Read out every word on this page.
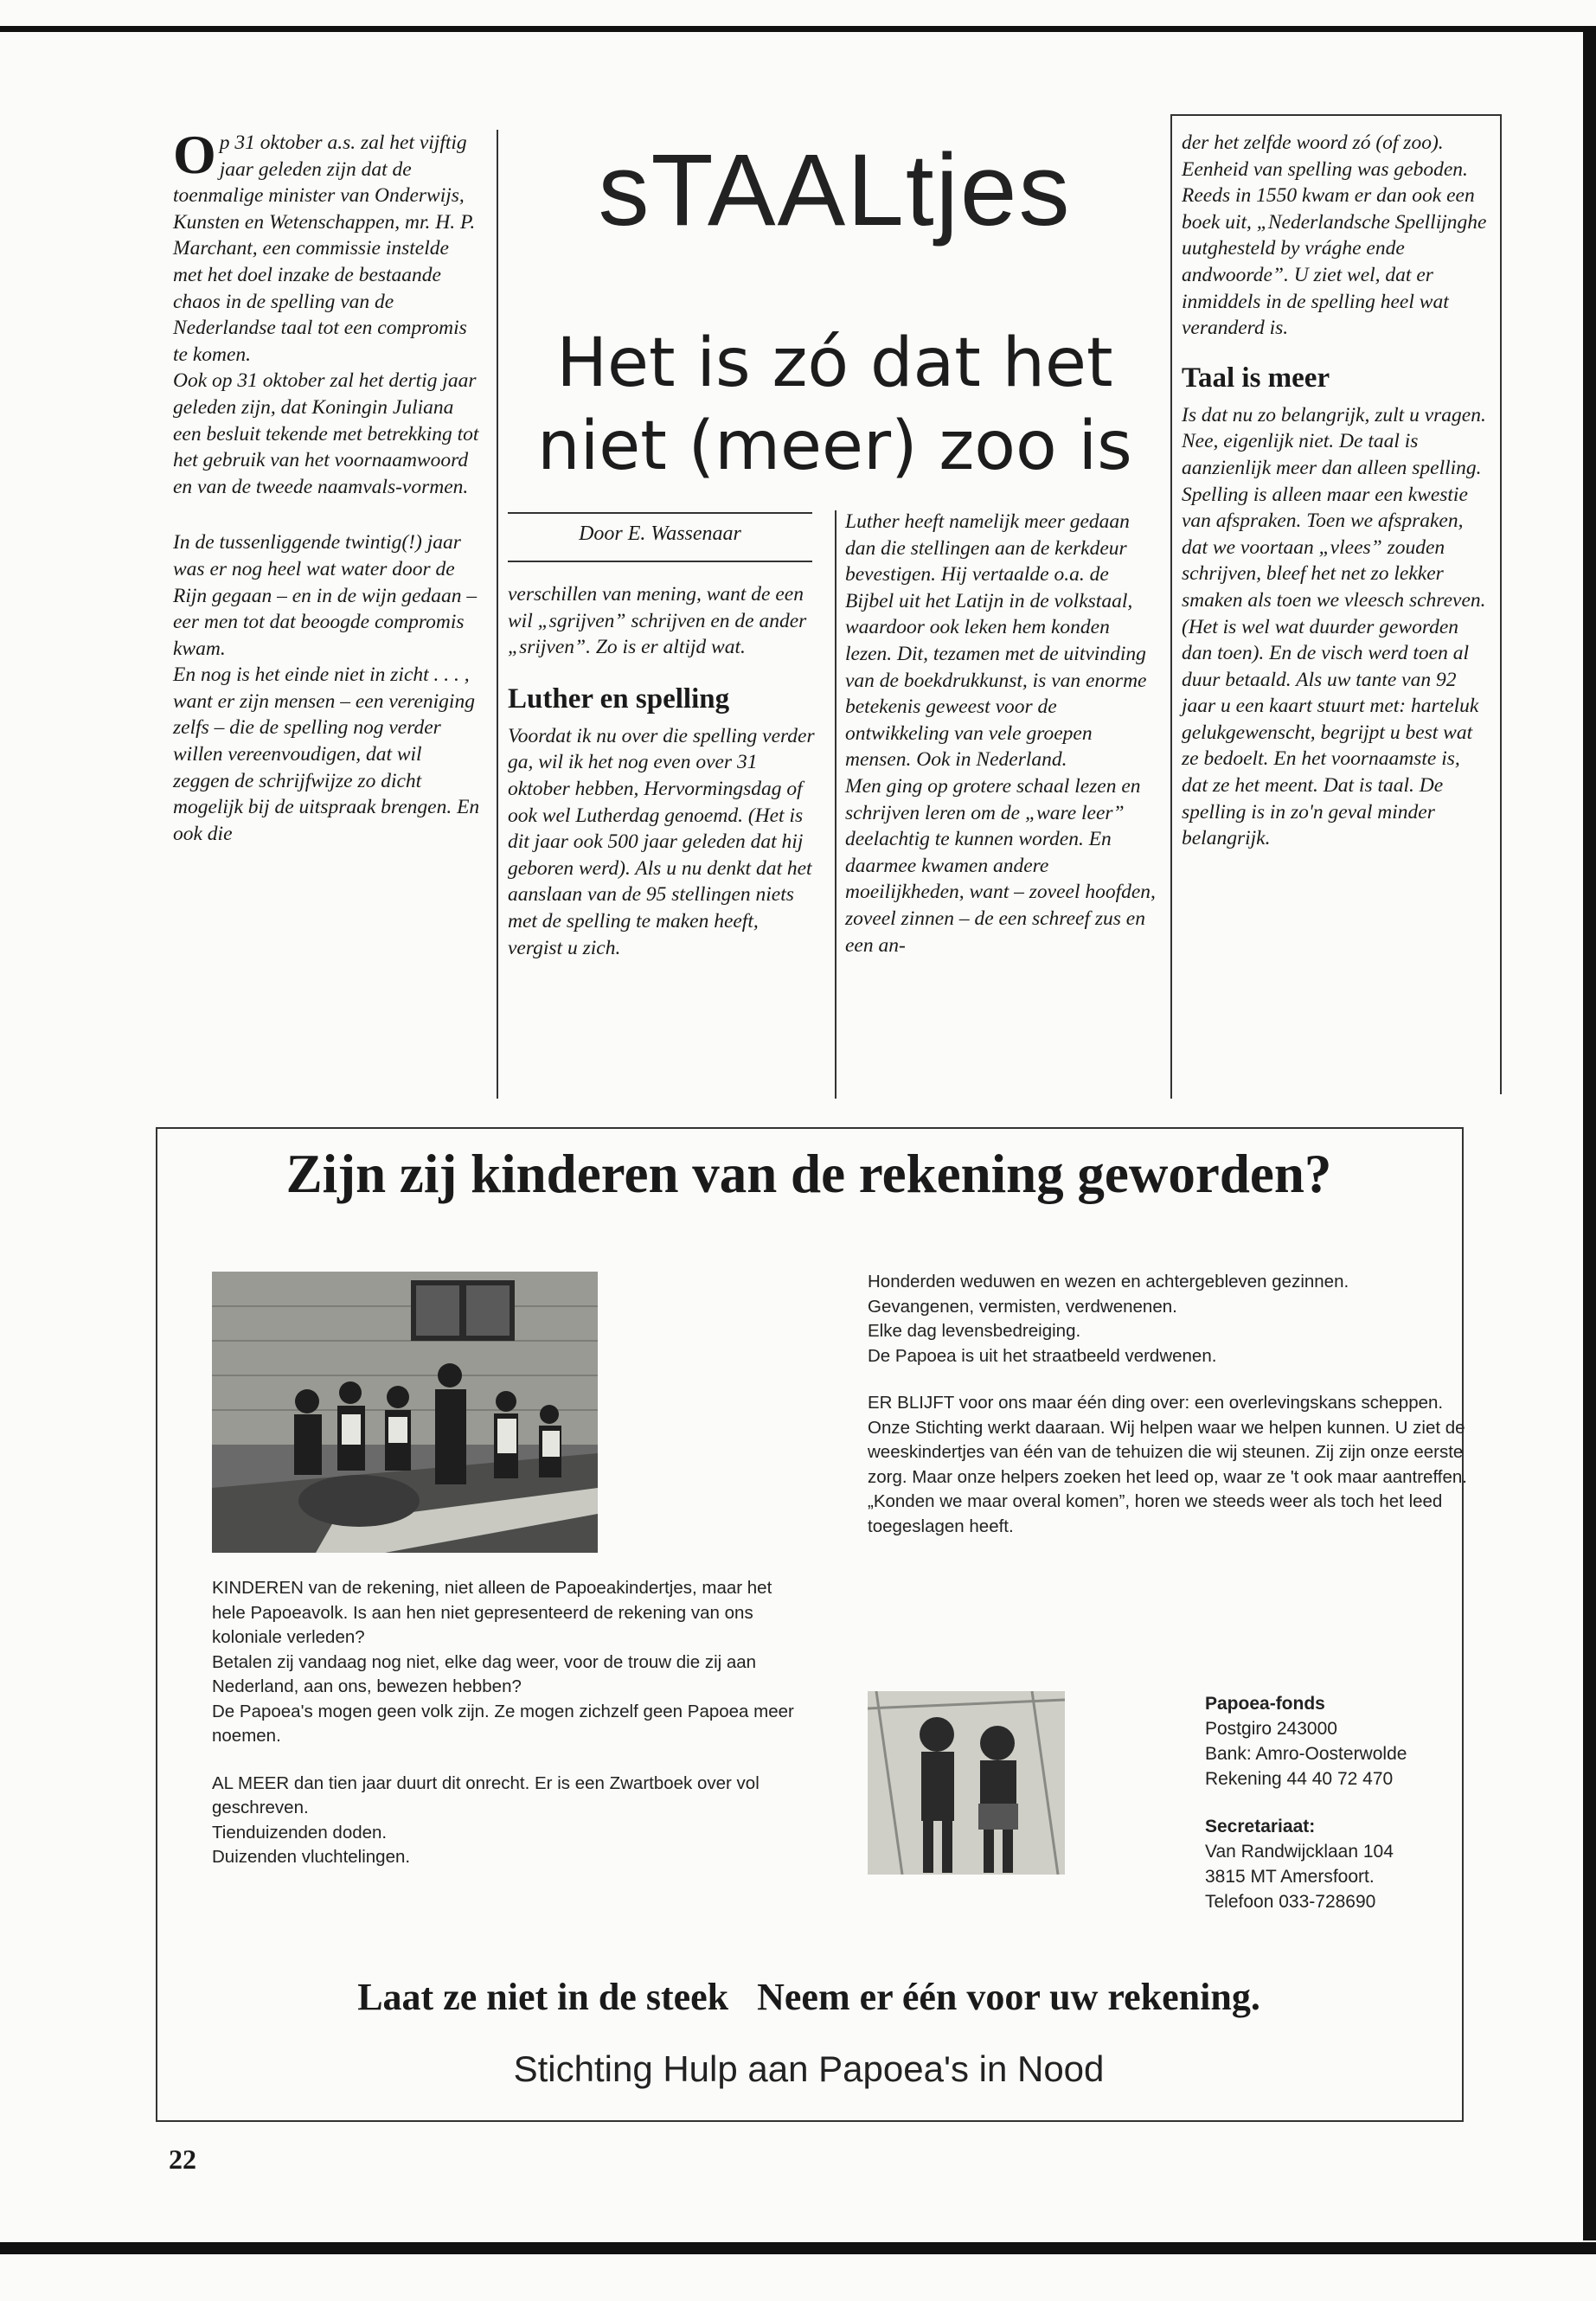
Op 31 oktober a.s. zal het vijftig jaar geleden zijn dat de toenmalige minister van Onderwijs, Kunsten en Wetenschappen, mr. H. P. Marchant, een commissie instelde met het doel inzake de bestaande chaos in de spelling van de Nederlandse taal tot een compromis te komen.

Ook op 31 oktober zal het dertig jaar geleden zijn, dat Koningin Juliana een besluit tekende met betrekking tot het gebruik van het voornaamwoord en van de tweede naamvals-vormen.

In de tussenliggende twintig(!) jaar was er nog heel wat water door de Rijn gegaan – en in de wijn gedaan – eer men tot dat beoogde compromis kwam.

En nog is het einde niet in zicht . . . , want er zijn mensen – een vereniging zelfs – die de spelling nog verder willen vereenvoudigen, dat wil zeggen de schrijfwijze zo dicht mogelijk bij de uitspraak brengen. En ook die

sTAALtjes
Het is zó dat het niet (meer) zoo is
Door E. Wassenaar

verschillen van mening, want de een wil „sgrijven” schrijven en de ander „srijven”. Zo is er altijd wat.

Luther en spelling

Voordat ik nu over die spelling verder ga, wil ik het nog even over 31 oktober hebben, Hervormingsdag of ook wel Lutherdag genoemd. (Het is dit jaar ook 500 jaar geleden dat hij geboren werd). Als u nu denkt dat het aanslaan van de 95 stellingen niets met de spelling te maken heeft, vergist u zich.

Luther heeft namelijk meer gedaan dan die stellingen aan de kerkdeur bevestigen. Hij vertaalde o.a. de Bijbel uit het Latijn in de volkstaal, waardoor ook leken hem konden lezen. Dit, tezamen met de uitvinding van de boekdrukkunst, is van enorme betekenis geweest voor de ontwikkeling van vele groepen mensen. Ook in Nederland.

Men ging op grotere schaal lezen en schrijven leren om de „ware leer” deelachtig te kunnen worden. En daarmee kwamen andere moeilijkheden, want – zoveel hoofden, zoveel zinnen – de een schreef zus en een an-

der het zelfde woord zó (of zoo). Eenheid van spelling was geboden. Reeds in 1550 kwam er dan ook een boek uit, „Nederlandsche Spellijnghe uutghesteld by vrághe ende andwoorde”. U ziet wel, dat er inmiddels in de spelling heel wat veranderd is.

Taal is meer

Is dat nu zo belangrijk, zult u vragen. Nee, eigenlijk niet. De taal is aanzienlijk meer dan alleen spelling. Spelling is alleen maar een kwestie van afspraken. Toen we afspraken, dat we voortaan „vlees” zouden schrijven, bleef het net zo lekker smaken als toen we vleesch schreven. (Het is wel wat duurder geworden dan toen). En de visch werd toen al duur betaald. Als uw tante van 92 jaar u een kaart stuurt met: harteluk gelukgewenscht, begrijpt u best wat ze bedoelt. En het voornaamste is, dat ze het meent. Dat is taal. De spelling is in zo'n geval minder belangrijk.

Zijn zij kinderen van de rekening geworden?

KINDEREN van de rekening, niet alleen de Papoeakindertjes, maar het hele Papoeavolk. Is aan hen niet gepresenteerd de rekening van ons koloniale verleden?

Betalen zij vandaag nog niet, elke dag weer, voor de trouw die zij aan Nederland, aan ons, bewezen hebben?

De Papoea's mogen geen volk zijn. Ze mogen zichzelf geen Papoea meer noemen.

AL MEER dan tien jaar duurt dit onrecht. Er is een Zwartboek over vol geschreven.

Tienduizenden doden.

Duizenden vluchtelingen.

Honderden weduwen en wezen en achtergebleven gezinnen.

Gevangenen, vermisten, verdwenenen.

Elke dag levensbedreiging.

De Papoea is uit het straatbeeld verdwenen.

ER BLIJFT voor ons maar één ding over: een overlevingskans scheppen. Onze Stichting werkt daaraan. Wij helpen waar we helpen kunnen. U ziet de weeskindertjes van één van de tehuizen die wij steunen. Zij zijn onze eerste zorg. Maar onze helpers zoeken het leed op, waar ze 't ook maar aantreffen. „Konden we maar overal komen”, horen we steeds weer als toch het leed toegeslagen heeft.

Papoea-fonds

Postgiro 243000

Bank: Amro-Oosterwolde

Rekening 44 40 72 470

Secretariaat:

Van Randwijcklaan 104

3815 MT Amersfoort.

Telefoon 033-728690

Laat ze niet in de steek   Neem er één voor uw rekening.
Stichting Hulp aan Papoea's in Nood
22
